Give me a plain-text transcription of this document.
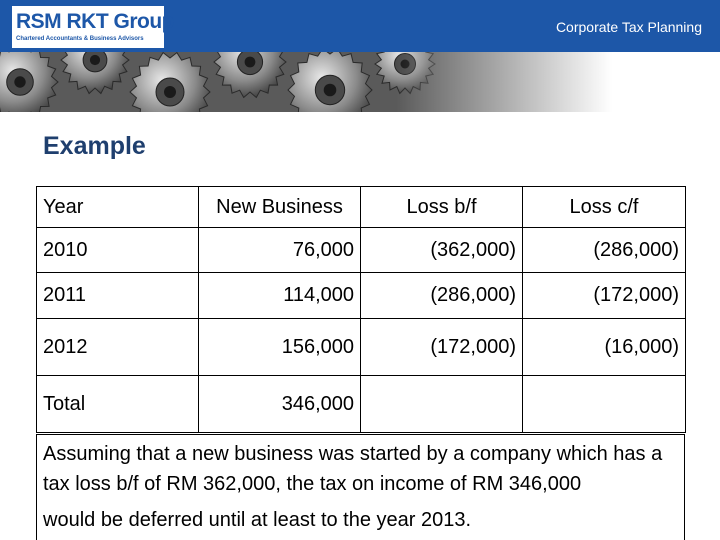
RSM RKT Group
Chartered Accountants & Business Advisors
Corporate Tax Planning
Example
Year	New Business	Loss b/f	Loss c/f
2010	76,000	(362,000)	(286,000)
2011	114,000	(286,000)	(172,000)
2012	156,000	(172,000)	(16,000)
Total	346,000		
Assuming that a new business was started by a company which has a
tax loss b/f of RM 362,000, the tax on income of RM 346,000
would be deferred until at least to the year 2013.
